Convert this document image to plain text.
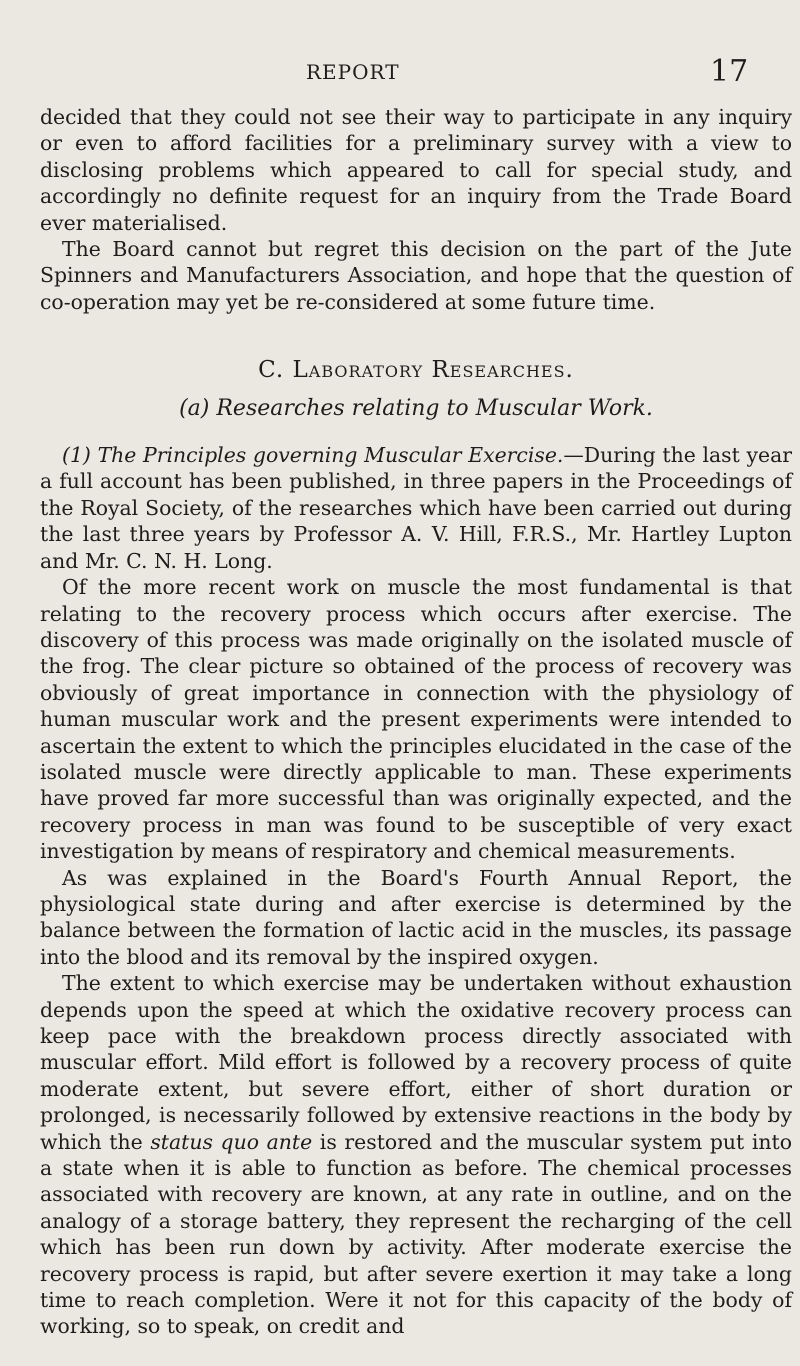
REPORT	17

decided that they could not see their way to participate in any inquiry or even to afford facilities for a preliminary survey with a view to disclosing problems which appeared to call for special study, and accordingly no definite request for an inquiry from the Trade Board ever materialised.

The Board cannot but regret this decision on the part of the Jute Spinners and Manufacturers Association, and hope that the question of co-operation may yet be re-considered at some future time.

C. Laboratory Researches.
(a) Researches relating to Muscular Work.

(1) The Principles governing Muscular Exercise.—During the last year a full account has been published, in three papers in the Proceedings of the Royal Society, of the researches which have been carried out during the last three years by Professor A. V. Hill, F.R.S., Mr. Hartley Lupton and Mr. C. N. H. Long.

Of the more recent work on muscle the most fundamental is that relating to the recovery process which occurs after exercise. The discovery of this process was made originally on the isolated muscle of the frog. The clear picture so obtained of the process of recovery was obviously of great importance in connection with the physiology of human muscular work and the present experiments were intended to ascertain the extent to which the principles elucidated in the case of the isolated muscle were directly applicable to man. These experiments have proved far more successful than was originally expected, and the recovery process in man was found to be susceptible of very exact investigation by means of respiratory and chemical measurements.

As was explained in the Board's Fourth Annual Report, the physiological state during and after exercise is determined by the balance between the formation of lactic acid in the muscles, its passage into the blood and its removal by the inspired oxygen.

The extent to which exercise may be undertaken without exhaustion depends upon the speed at which the oxidative recovery process can keep pace with the breakdown process directly associated with muscular effort. Mild effort is followed by a recovery process of quite moderate extent, but severe effort, either of short duration or prolonged, is necessarily followed by extensive reactions in the body by which the status quo ante is restored and the muscular system put into a state when it is able to function as before. The chemical processes associated with recovery are known, at any rate in outline, and on the analogy of a storage battery, they represent the recharging of the cell which has been run down by activity. After moderate exercise the recovery process is rapid, but after severe exertion it may take a long time to reach completion. Were it not for this capacity of the body of working, so to speak, on credit and
